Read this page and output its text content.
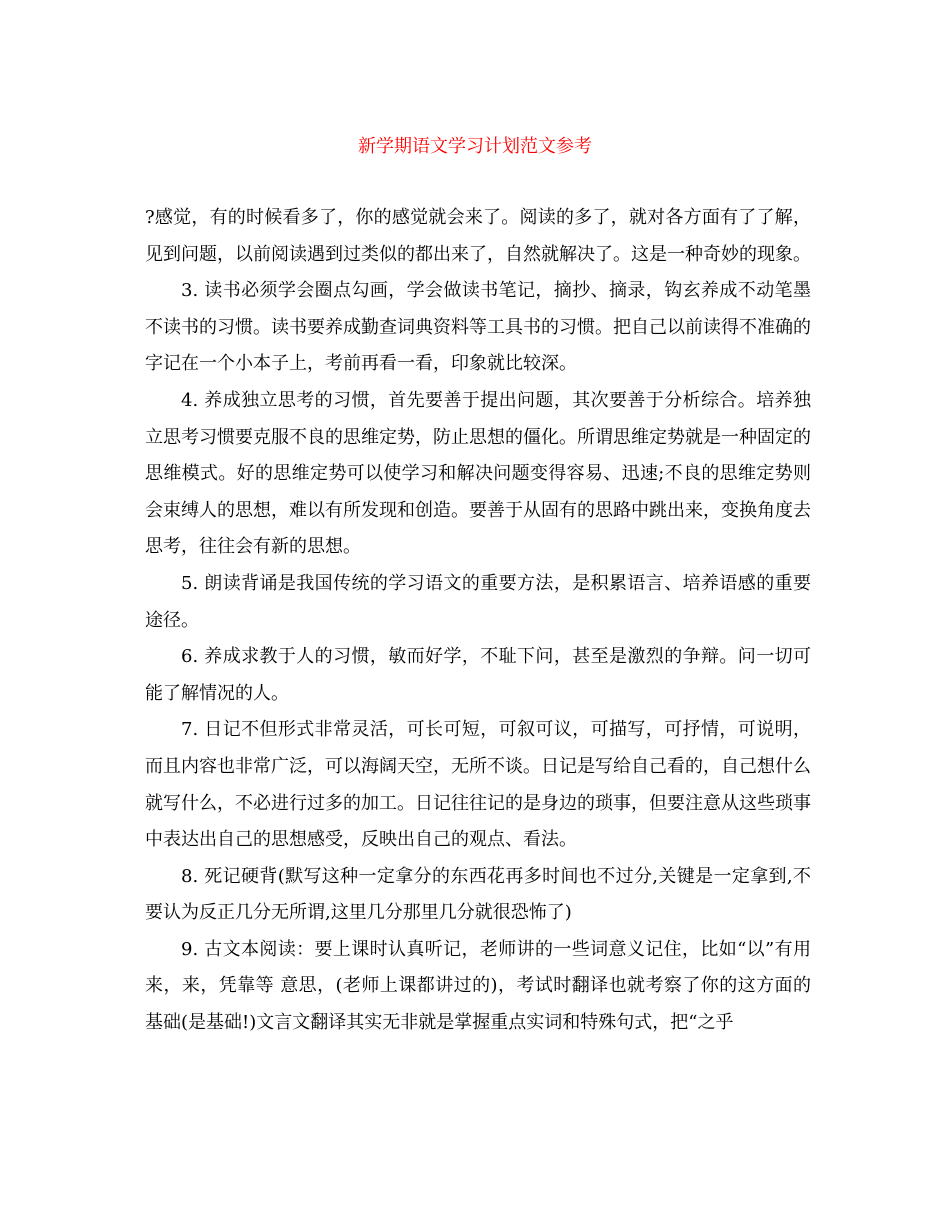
新学期语文学习计划范文参考

?感觉，有的时候看多了，你的感觉就会来了。阅读的多了，就对各方面有了了解，见到问题，以前阅读遇到过类似的都出来了，自然就解决了。这是一种奇妙的现象。

3. 读书必须学会圈点勾画，学会做读书笔记，摘抄、摘录，钩玄养成不动笔墨不读书的习惯。读书要养成勤查词典资料等工具书的习惯。把自己以前读得不准确的字记在一个小本子上，考前再看一看，印象就比较深。

4. 养成独立思考的习惯，首先要善于提出问题，其次要善于分析综合。培养独立思考习惯要克服不良的思维定势，防止思想的僵化。所谓思维定势就是一种固定的思维模式。好的思维定势可以使学习和解决问题变得容易、迅速;不良的思维定势则会束缚人的思想，难以有所发现和创造。要善于从固有的思路中跳出来，变换角度去思考，往往会有新的思想。

5. 朗读背诵是我国传统的学习语文的重要方法，是积累语言、培养语感的重要途径。

6. 养成求教于人的习惯，敏而好学，不耻下问，甚至是激烈的争辩。问一切可能了解情况的人。

7. 日记不但形式非常灵活，可长可短，可叙可议，可描写，可抒情，可说明，而且内容也非常广泛，可以海阔天空，无所不谈。日记是写给自己看的，自己想什么就写什么，不必进行过多的加工。日记往往记的是身边的琐事，但要注意从这些琐事中表达出自己的思想感受，反映出自己的观点、看法。

8. 死记硬背(默写这种一定拿分的东西花再多时间也不过分,关键是一定拿到,不要认为反正几分无所谓,这里几分那里几分就很恐怖了)

9. 古文本阅读：要上课时认真听记，老师讲的一些词意义记住，比如“以”有用来，来，凭靠等 意思，(老师上课都讲过的)，考试时翻译也就考察了你的这方面的基础(是基础!)文言文翻译其实无非就是掌握重点实词和特殊句式，把“之乎
